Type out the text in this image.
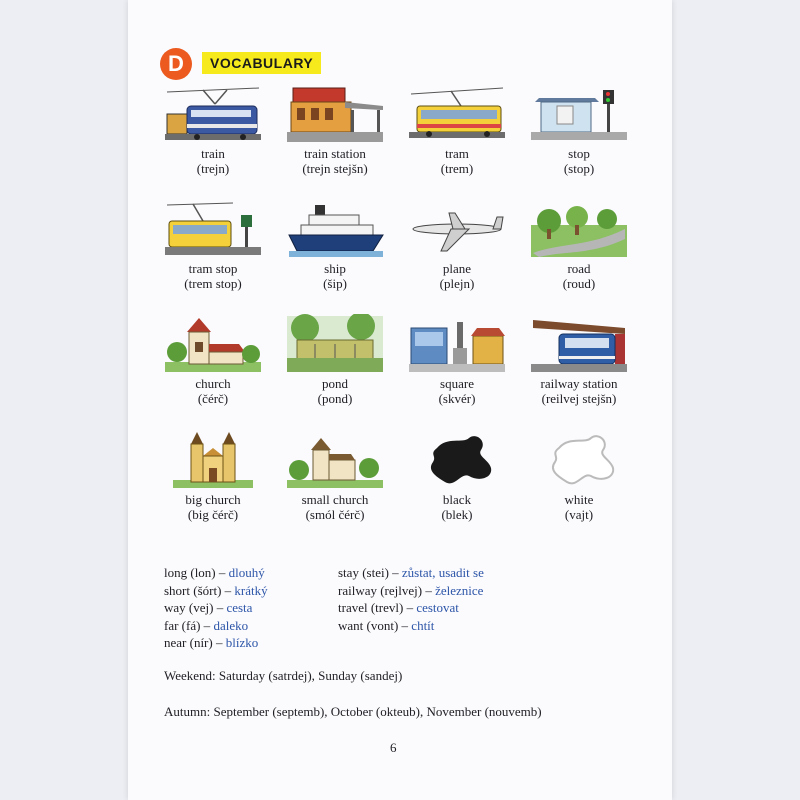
D	VOCABULARY
train
(trejn)
train station
(trejn stejšn)
tram
(trem)
stop
(stop)
tram stop
(trem stop)
ship
(šip)
plane
(plejn)
road
(roud)
church
(čérč)
pond
(pond)
square
(skvér)
railway station
(reilvej stejšn)
big church
(big čérč)
small church
(smól čérč)
black
(blek)
white
(vajt)
long (lon) – dlouhý
short (šórt) – krátký
way (vej) – cesta
far (fá) – daleko
near (nír) – blízko
stay (stei) – zůstat, usadit se
railway (rejlvej) – železnice
travel (trevl) – cestovat
want (vont) – chtít
Weekend: Saturday (satrdej), Sunday (sandej)
Autumn: September (septemb), October (okteub), November (nouvemb)
6
